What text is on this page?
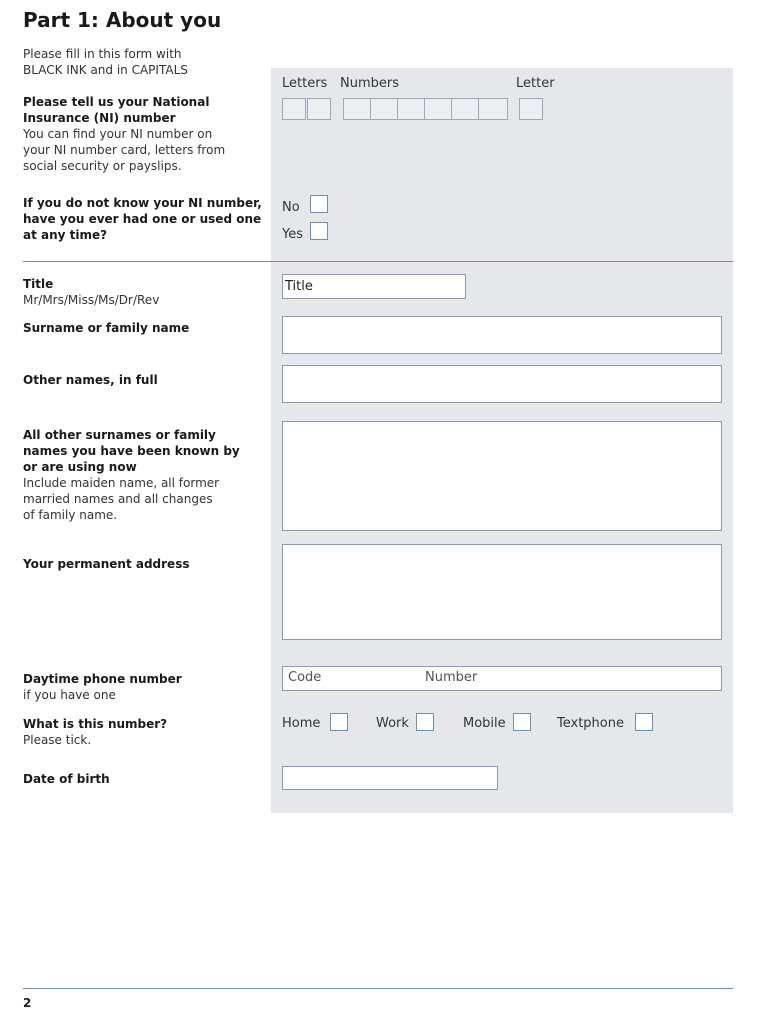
Part 1: About you
Please fill in this form with
BLACK INK and in CAPITALS
Please tell us your National
Insurance (NI) number
You can find your NI number on
your NI number card, letters from
social security or payslips.
Letters Numbers	Letter
If you do not know your NI number,
have you ever had one or used one
at any time?
No
Yes
Title
Mr/Mrs/Miss/Ms/Dr/Rev
Title
Surname or family name
Other names, in full
All other surnames or family
names you have been known by
or are using now
Include maiden name, all former
married names and all changes
of family name.
Your permanent address
Daytime phone number
if you have one
Code	Number
What is this number?
Please tick.
Home	Work	Mobile	Textphone
Date of birth
2
